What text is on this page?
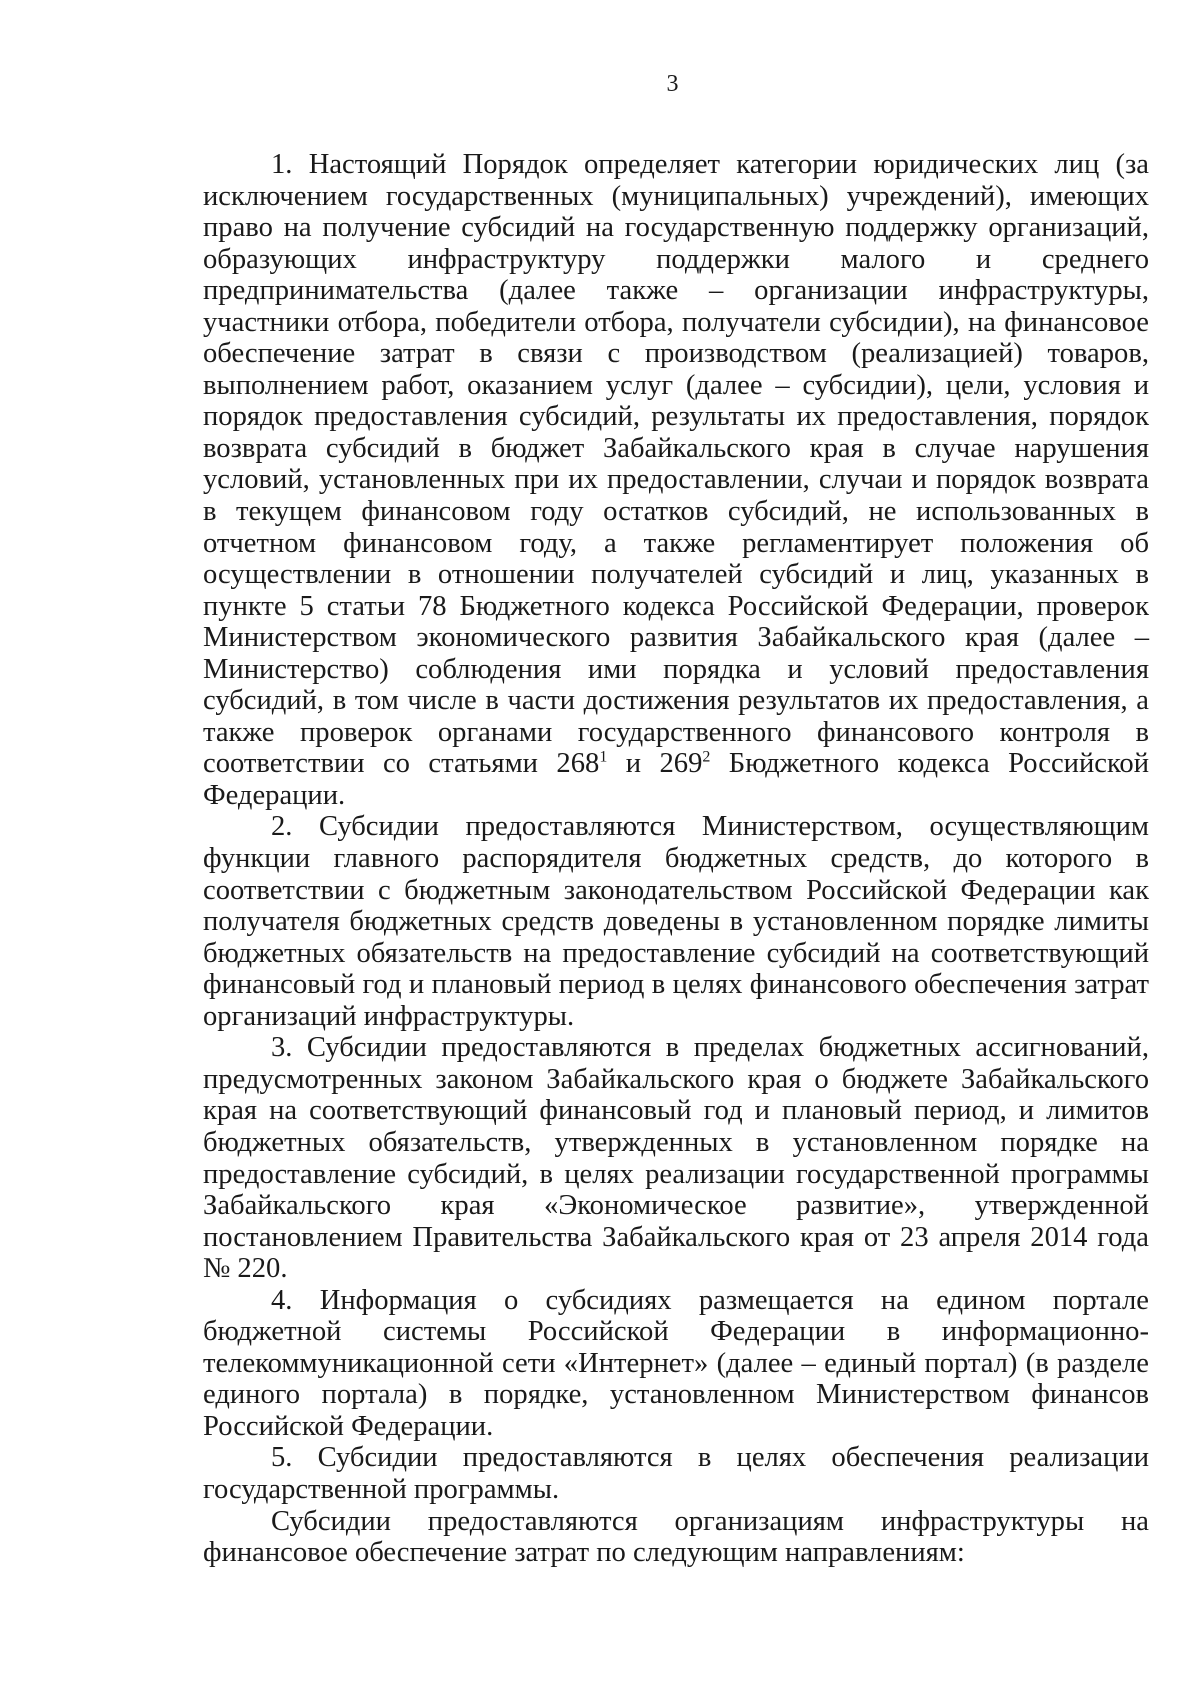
3

1. Настоящий Порядок определяет категории юридических лиц (за исключением государственных (муниципальных) учреждений), имеющих право на получение субсидий на государственную поддержку организаций, образующих инфраструктуру поддержки малого и среднего предпринимательства (далее также – организации инфраструктуры, участники отбора, победители отбора, получатели субсидии), на финансовое обеспечение затрат в связи с производством (реализацией) товаров, выполнением работ, оказанием услуг (далее – субсидии), цели, условия и порядок предоставления субсидий, результаты их предоставления, порядок возврата субсидий в бюджет Забайкальского края в случае нарушения условий, установленных при их предоставлении, случаи и порядок возврата в текущем финансовом году остатков субсидий, не использованных в отчетном финансовом году, а также регламентирует положения об осуществлении в отношении получателей субсидий и лиц, указанных в пункте 5 статьи 78 Бюджетного кодекса Российской Федерации, проверок Министерством экономического развития Забайкальского края (далее – Министерство) соблюдения ими порядка и условий предоставления субсидий, в том числе в части достижения результатов их предоставления, а также проверок органами государственного финансового контроля в соответствии со статьями $268^1$ и $269^2$ Бюджетного кодекса Российской Федерации.

2. Субсидии предоставляются Министерством, осуществляющим функции главного распорядителя бюджетных средств, до которого в соответствии с бюджетным законодательством Российской Федерации как получателя бюджетных средств доведены в установленном порядке лимиты бюджетных обязательств на предоставление субсидий на соответствующий финансовый год и плановый период в целях финансового обеспечения затрат организаций инфраструктуры.

3. Субсидии предоставляются в пределах бюджетных ассигнований, предусмотренных законом Забайкальского края о бюджете Забайкальского края на соответствующий финансовый год и плановый период, и лимитов бюджетных обязательств, утвержденных в установленном порядке на предоставление субсидий, в целях реализации государственной программы Забайкальского края «Экономическое развитие», утвержденной постановлением Правительства Забайкальского края от 23 апреля 2014 года № 220.

4. Информация о субсидиях размещается на едином портале бюджетной системы Российской Федерации в информационно-телекоммуникационной сети «Интернет» (далее – единый портал) (в разделе единого портала) в порядке, установленном Министерством финансов Российской Федерации.

5. Субсидии предоставляются в целях обеспечения реализации государственной программы.

Субсидии предоставляются организациям инфраструктуры на финансовое обеспечение затрат по следующим направлениям:
